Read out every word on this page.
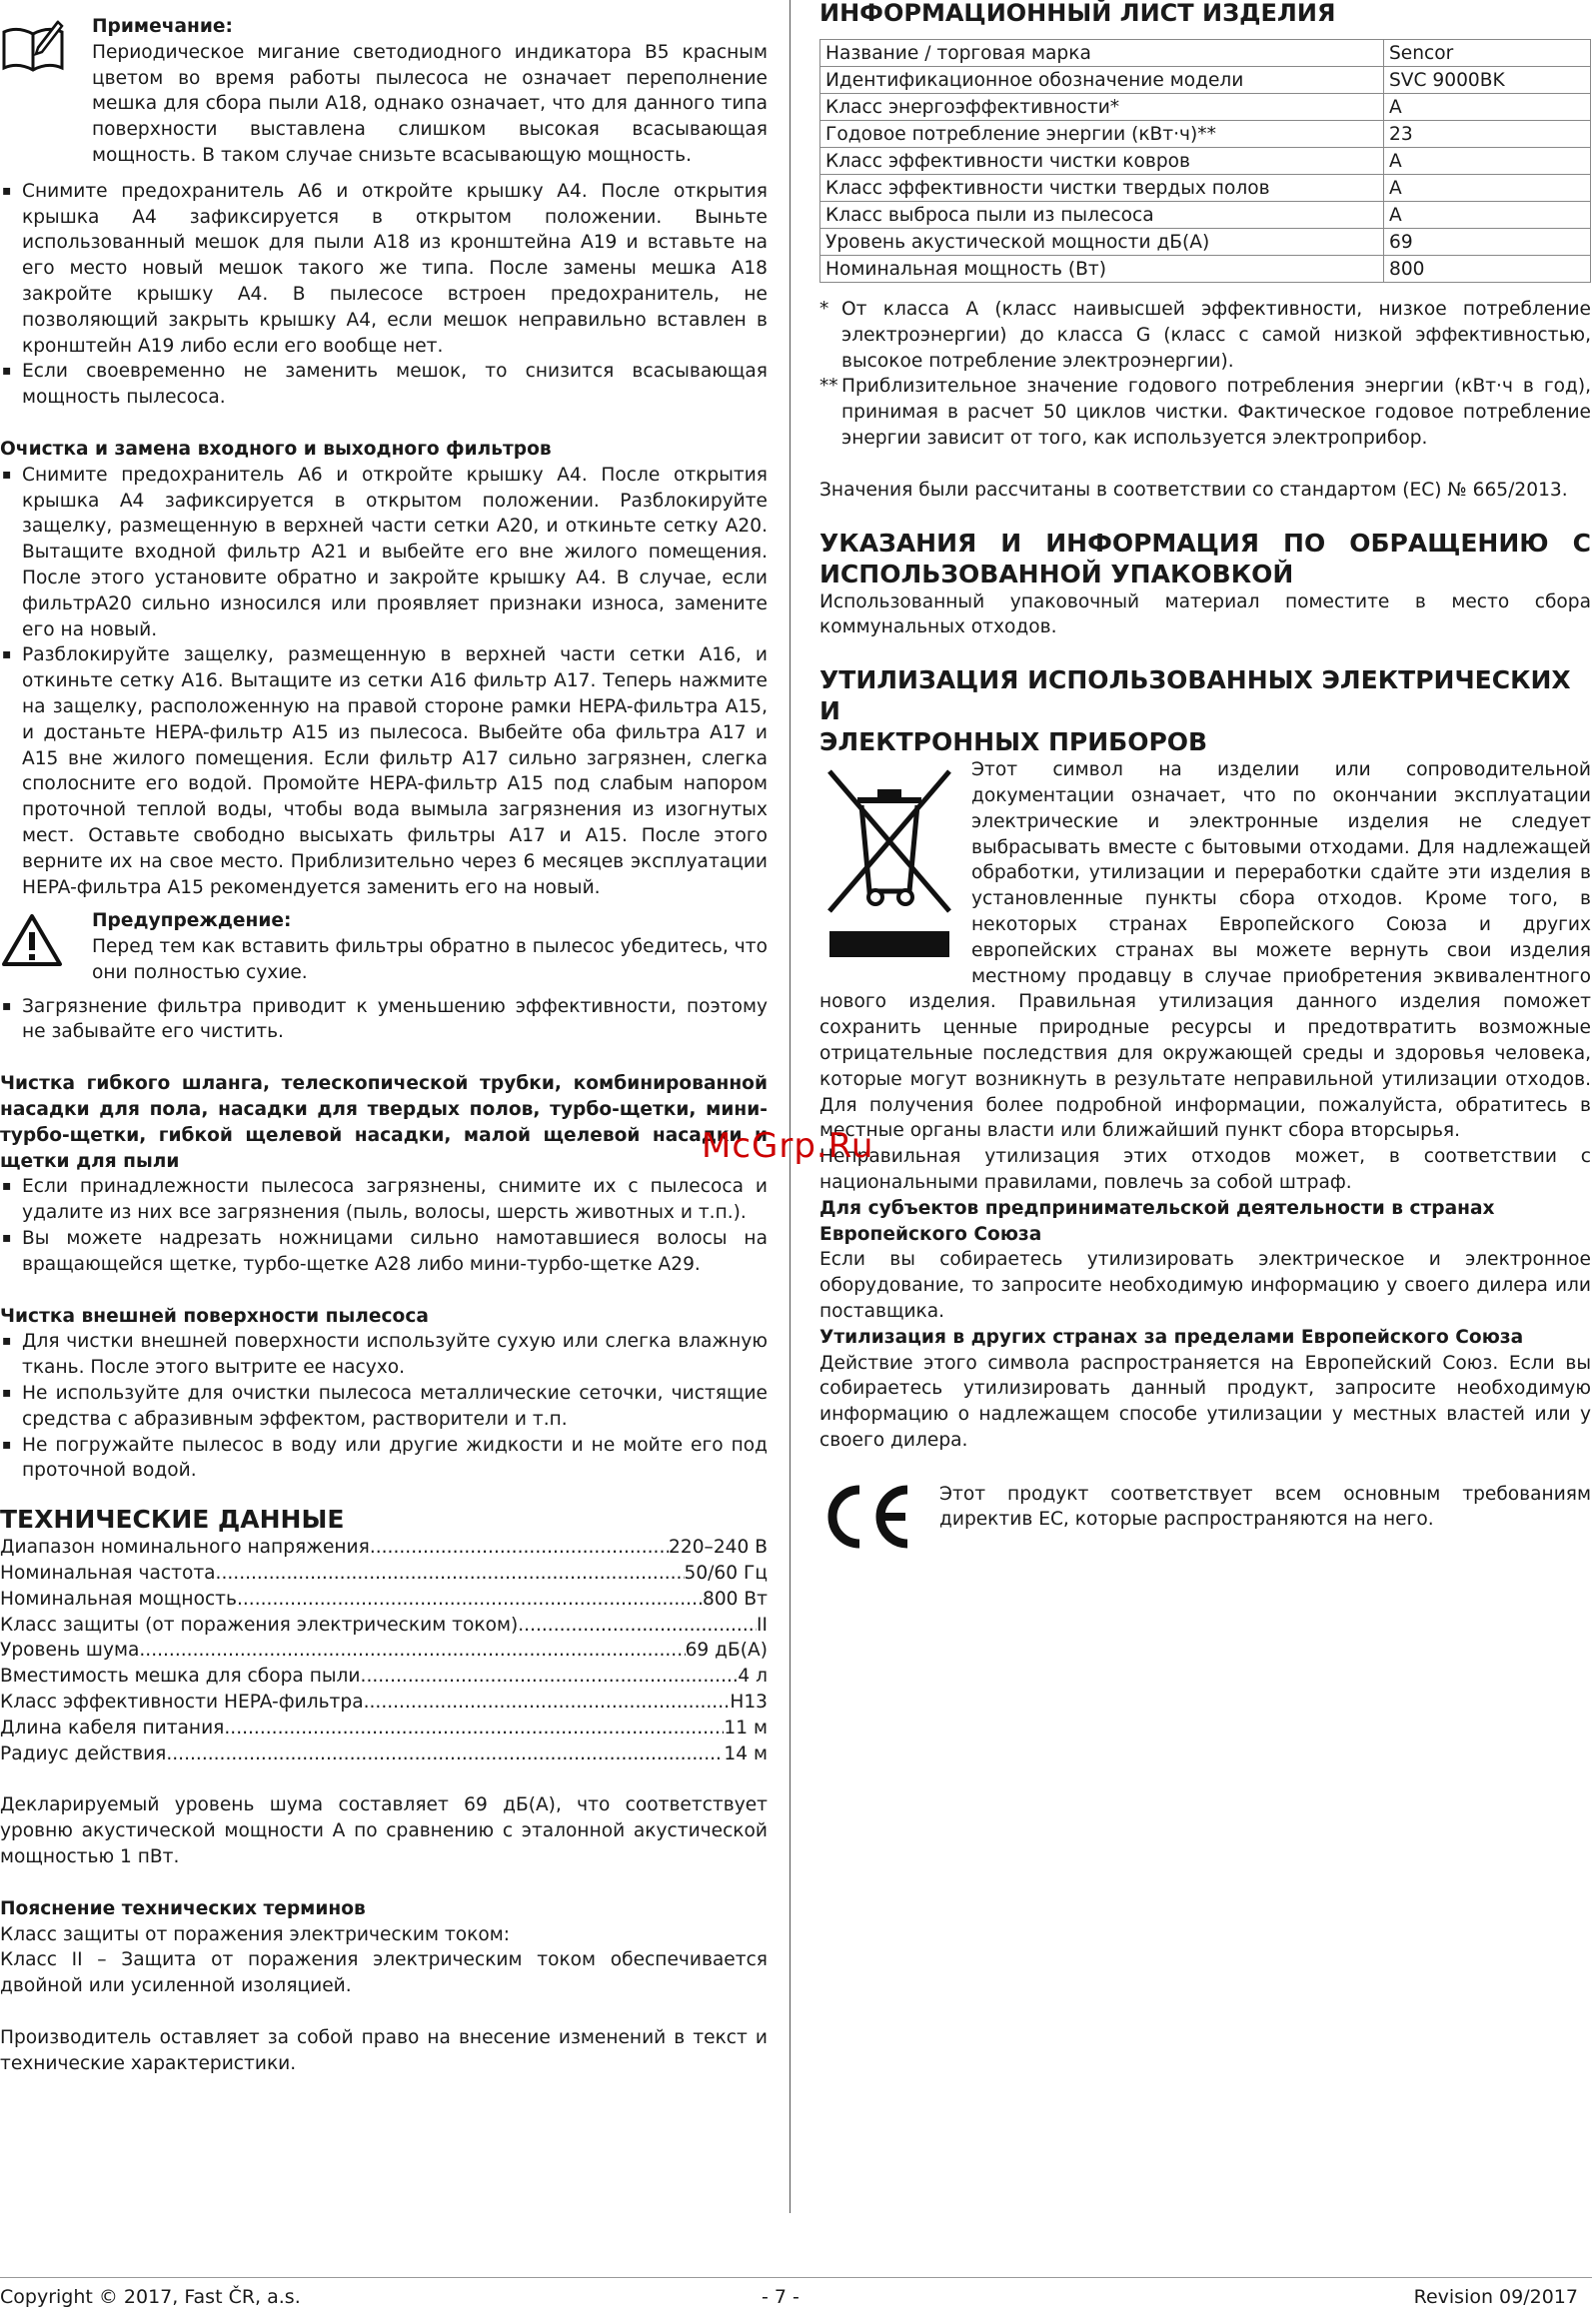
Примечание:
Периодическое мигание светодиодного индикатора B5 красным цветом во время работы пылесоса не означает переполнение мешка для сбора пыли A18, однако означает, что для данного типа поверхности выставлена слишком высокая всасывающая мощность. В таком случае снизьте всасывающую мощность.
▪ Снимите предохранитель A6 и откройте крышку A4. После открытия крышка A4 зафиксируется в открытом положении. Выньте использованный мешок для пыли A18 из кронштейна A19 и вставьте на его место новый мешок такого же типа. После замены мешка A18 закройте крышку A4. В пылесосе встроен предохранитель, не позволяющий закрыть крышку A4, если мешок неправильно вставлен в кронштейн A19 либо если его вообще нет.
▪ Если своевременно не заменить мешок, то снизится всасывающая мощность пылесоса.
Очистка и замена входного и выходного фильтров
▪ Снимите предохранитель A6 и откройте крышку A4. После открытия крышка A4 зафиксируется в открытом положении. Разблокируйте защелку, размещенную в верхней части сетки A20, и откиньте сетку A20. Вытащите входной фильтр A21 и выбейте его вне жилого помещения. После этого установите обратно и закройте крышку A4. В случае, если фильтрA20 сильно износился или проявляет признаки износа, замените его на новый.
▪ Разблокируйте защелку, размещенную в верхней части сетки A16, и откиньте сетку A16. Вытащите из сетки A16 фильтр A17. Теперь нажмите на защелку, расположенную на правой стороне рамки HEPA-фильтра A15, и достаньте HEPA-фильтр A15 из пылесоса. Выбейте оба фильтра A17 и A15 вне жилого помещения. Если фильтр A17 сильно загрязнен, слегка сполосните его водой. Промойте HEPA-фильтр A15 под слабым напором проточной теплой воды, чтобы вода вымыла загрязнения из изогнутых мест. Оставьте свободно высыхать фильтры A17 и A15. После этого верните их на свое место. Приблизительно через 6 месяцев эксплуатации HEPA-фильтра A15 рекомендуется заменить его на новый.
Предупреждение:
Перед тем как вставить фильтры обратно в пылесос убедитесь, что они полностью сухие.
▪ Загрязнение фильтра приводит к уменьшению эффективности, поэтому не забывайте его чистить.
Чистка гибкого шланга, телескопической трубки, комбинированной насадки для пола, насадки для твердых полов, турбо-щетки, мини-турбо-щетки, гибкой щелевой насадки, малой щелевой насадки и щетки для пыли
▪ Если принадлежности пылесоса загрязнены, снимите их с пылесоса и удалите из них все загрязнения (пыль, волосы, шерсть животных и т.п.).
▪ Вы можете надрезать ножницами сильно намотавшиеся волосы на вращающейся щетке, турбо-щетке A28 либо мини-турбо-щетке A29.
Чистка внешней поверхности пылесоса
▪ Для чистки внешней поверхности используйте сухую или слегка влажную ткань. После этого вытрите ее насухо.
▪ Не используйте для очистки пылесоса металлические сеточки, чистящие средства с абразивным эффектом, растворители и т.п.
▪ Не погружайте пылесос в воду или другие жидкости и не мойте его под проточной водой.
ТЕХНИЧЕСКИЕ ДАННЫЕ
Диапазон номинального напряжения .....	220–240 В
Номинальная частота .....	50/60 Гц
Номинальная мощность .....	800 Вт
Класс защиты (от поражения электрическим током) .....	II
Уровень шума .....	69 дБ(A)
Вместимость мешка для сбора пыли .....	4 л
Класс эффективности HEPA-фильтра .....	H13
Длина кабеля питания .....	11 м
Радиус действия .....	14 м
Декларируемый уровень шума составляет 69 дБ(A), что соответствует уровню акустической мощности A по сравнению с эталонной акустической мощностью 1 пВт.
Пояснение технических терминов
Класс защиты от поражения электрическим током:
Класс II – Защита от поражения электрическим током обеспечивается двойной или усиленной изоляцией.
Производитель оставляет за собой право на внесение изменений в текст и технические характеристики.
ИНФОРМАЦИОННЫЙ ЛИСТ ИЗДЕЛИЯ
Название / торговая марка	Sencor
Идентификационное обозначение модели	SVC 9000BK
Класс энергоэффективности*	A
Годовое потребление энергии (кВт·ч)**	23
Класс эффективности чистки ковров	A
Класс эффективности чистки твердых полов	A
Класс выброса пыли из пылесоса	A
Уровень акустической мощности дБ(A)	69
Номинальная мощность (Вт)	800
* От класса A (класс наивысшей эффективности, низкое потребление электроэнергии) до класса G (класс с самой низкой эффективностью, высокое потребление электроэнергии).
** Приблизительное значение годового потребления энергии (кВт·ч в год), принимая в расчет 50 циклов чистки. Фактическое годовое потребление энергии зависит от того, как используется электроприбор.
Значения были рассчитаны в соответствии со стандартом (ЕС) № 665/2013.
УКАЗАНИЯ И ИНФОРМАЦИЯ ПО ОБРАЩЕНИЮ С
ИСПОЛЬЗОВАННОЙ УПАКОВКОЙ
Использованный упаковочный материал поместите в место сбора коммунальных отходов.
УТИЛИЗАЦИЯ ИСПОЛЬЗОВАННЫХ ЭЛЕКТРИЧЕСКИХ И
ЭЛЕКТРОННЫХ ПРИБОРОВ
Этот символ на изделии или сопроводительной документации означает, что по окончании эксплуатации электрические и электронные изделия не следует выбрасывать вместе с бытовыми отходами. Для надлежащей обработки, утилизации и переработки сдайте эти изделия в установленные пункты сбора отходов. Кроме того, в некоторых странах Европейского Союза и других европейских странах вы можете вернуть свои изделия местному продавцу в случае приобретения эквивалентного нового изделия. Правильная утилизация данного изделия поможет сохранить ценные природные ресурсы и предотвратить возможные отрицательные последствия для окружающей среды и здоровья человека, которые могут возникнуть в результате неправильной утилизации отходов. Для получения более подробной информации, пожалуйста, обратитесь в местные органы власти или ближайший пункт сбора вторсырья.
Неправильная утилизация этих отходов может, в соответствии с национальными правилами, повлечь за собой штраф.
Для субъектов предпринимательской деятельности в странах Европейского Союза
Если вы собираетесь утилизировать электрическое и электронное оборудование, то запросите необходимую информацию у своего дилера или поставщика.
Утилизация в других странах за пределами Европейского Союза
Действие этого символа распространяется на Европейский Союз. Если вы собираетесь утилизировать данный продукт, запросите необходимую информацию о надлежащем способе утилизации у местных властей или у своего дилера.
Этот продукт соответствует всем основным требованиям директив ЕС, которые распространяются на него.
McGrp.Ru
Copyright © 2017, Fast ČR, a.s.	- 7 -	Revision 09/2017
